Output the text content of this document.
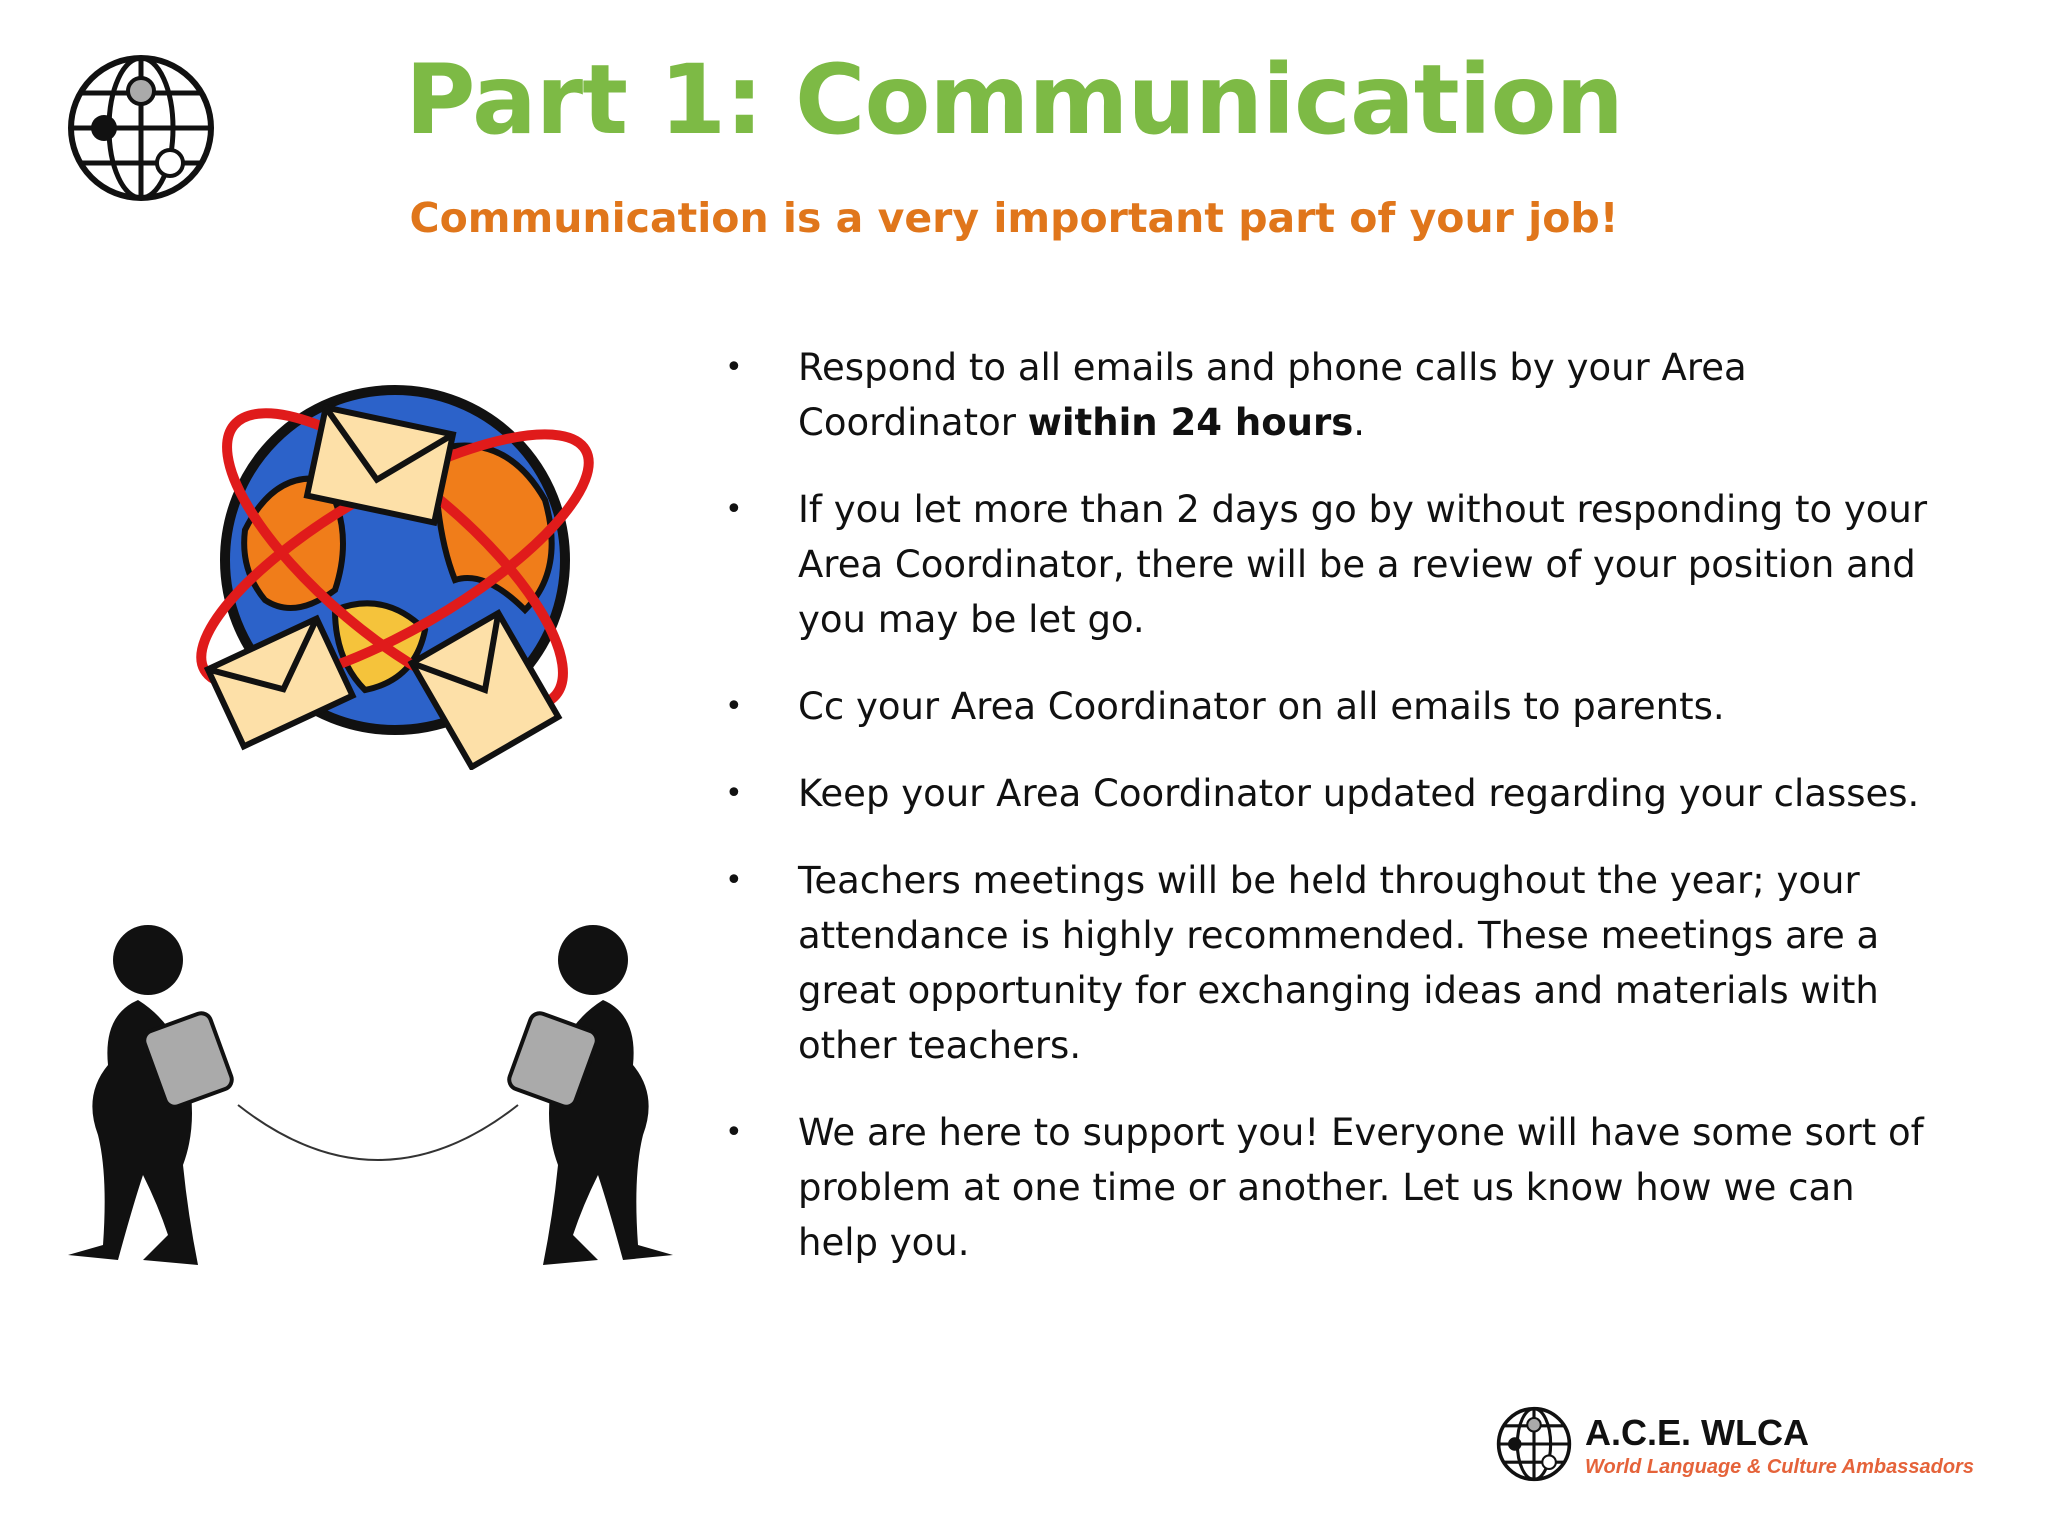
Part 1: Communication
Communication is a very important part of your job!
• Respond to all emails and phone calls by your Area Coordinator within 24 hours.
• If you let more than 2 days go by without responding to your Area Coordinator, there will be a review of your position and you may be let go.
• Cc your Area Coordinator on all emails to parents.
• Keep your Area Coordinator updated regarding your classes.
• Teachers meetings will be held throughout the year; your attendance is highly recommended. These meetings are a great opportunity for exchanging ideas and materials with other teachers.
• We are here to support you! Everyone will have some sort of problem at one time or another. Let us know how we can help you.
A.C.E. WLCA
World Language & Culture Ambassadors
